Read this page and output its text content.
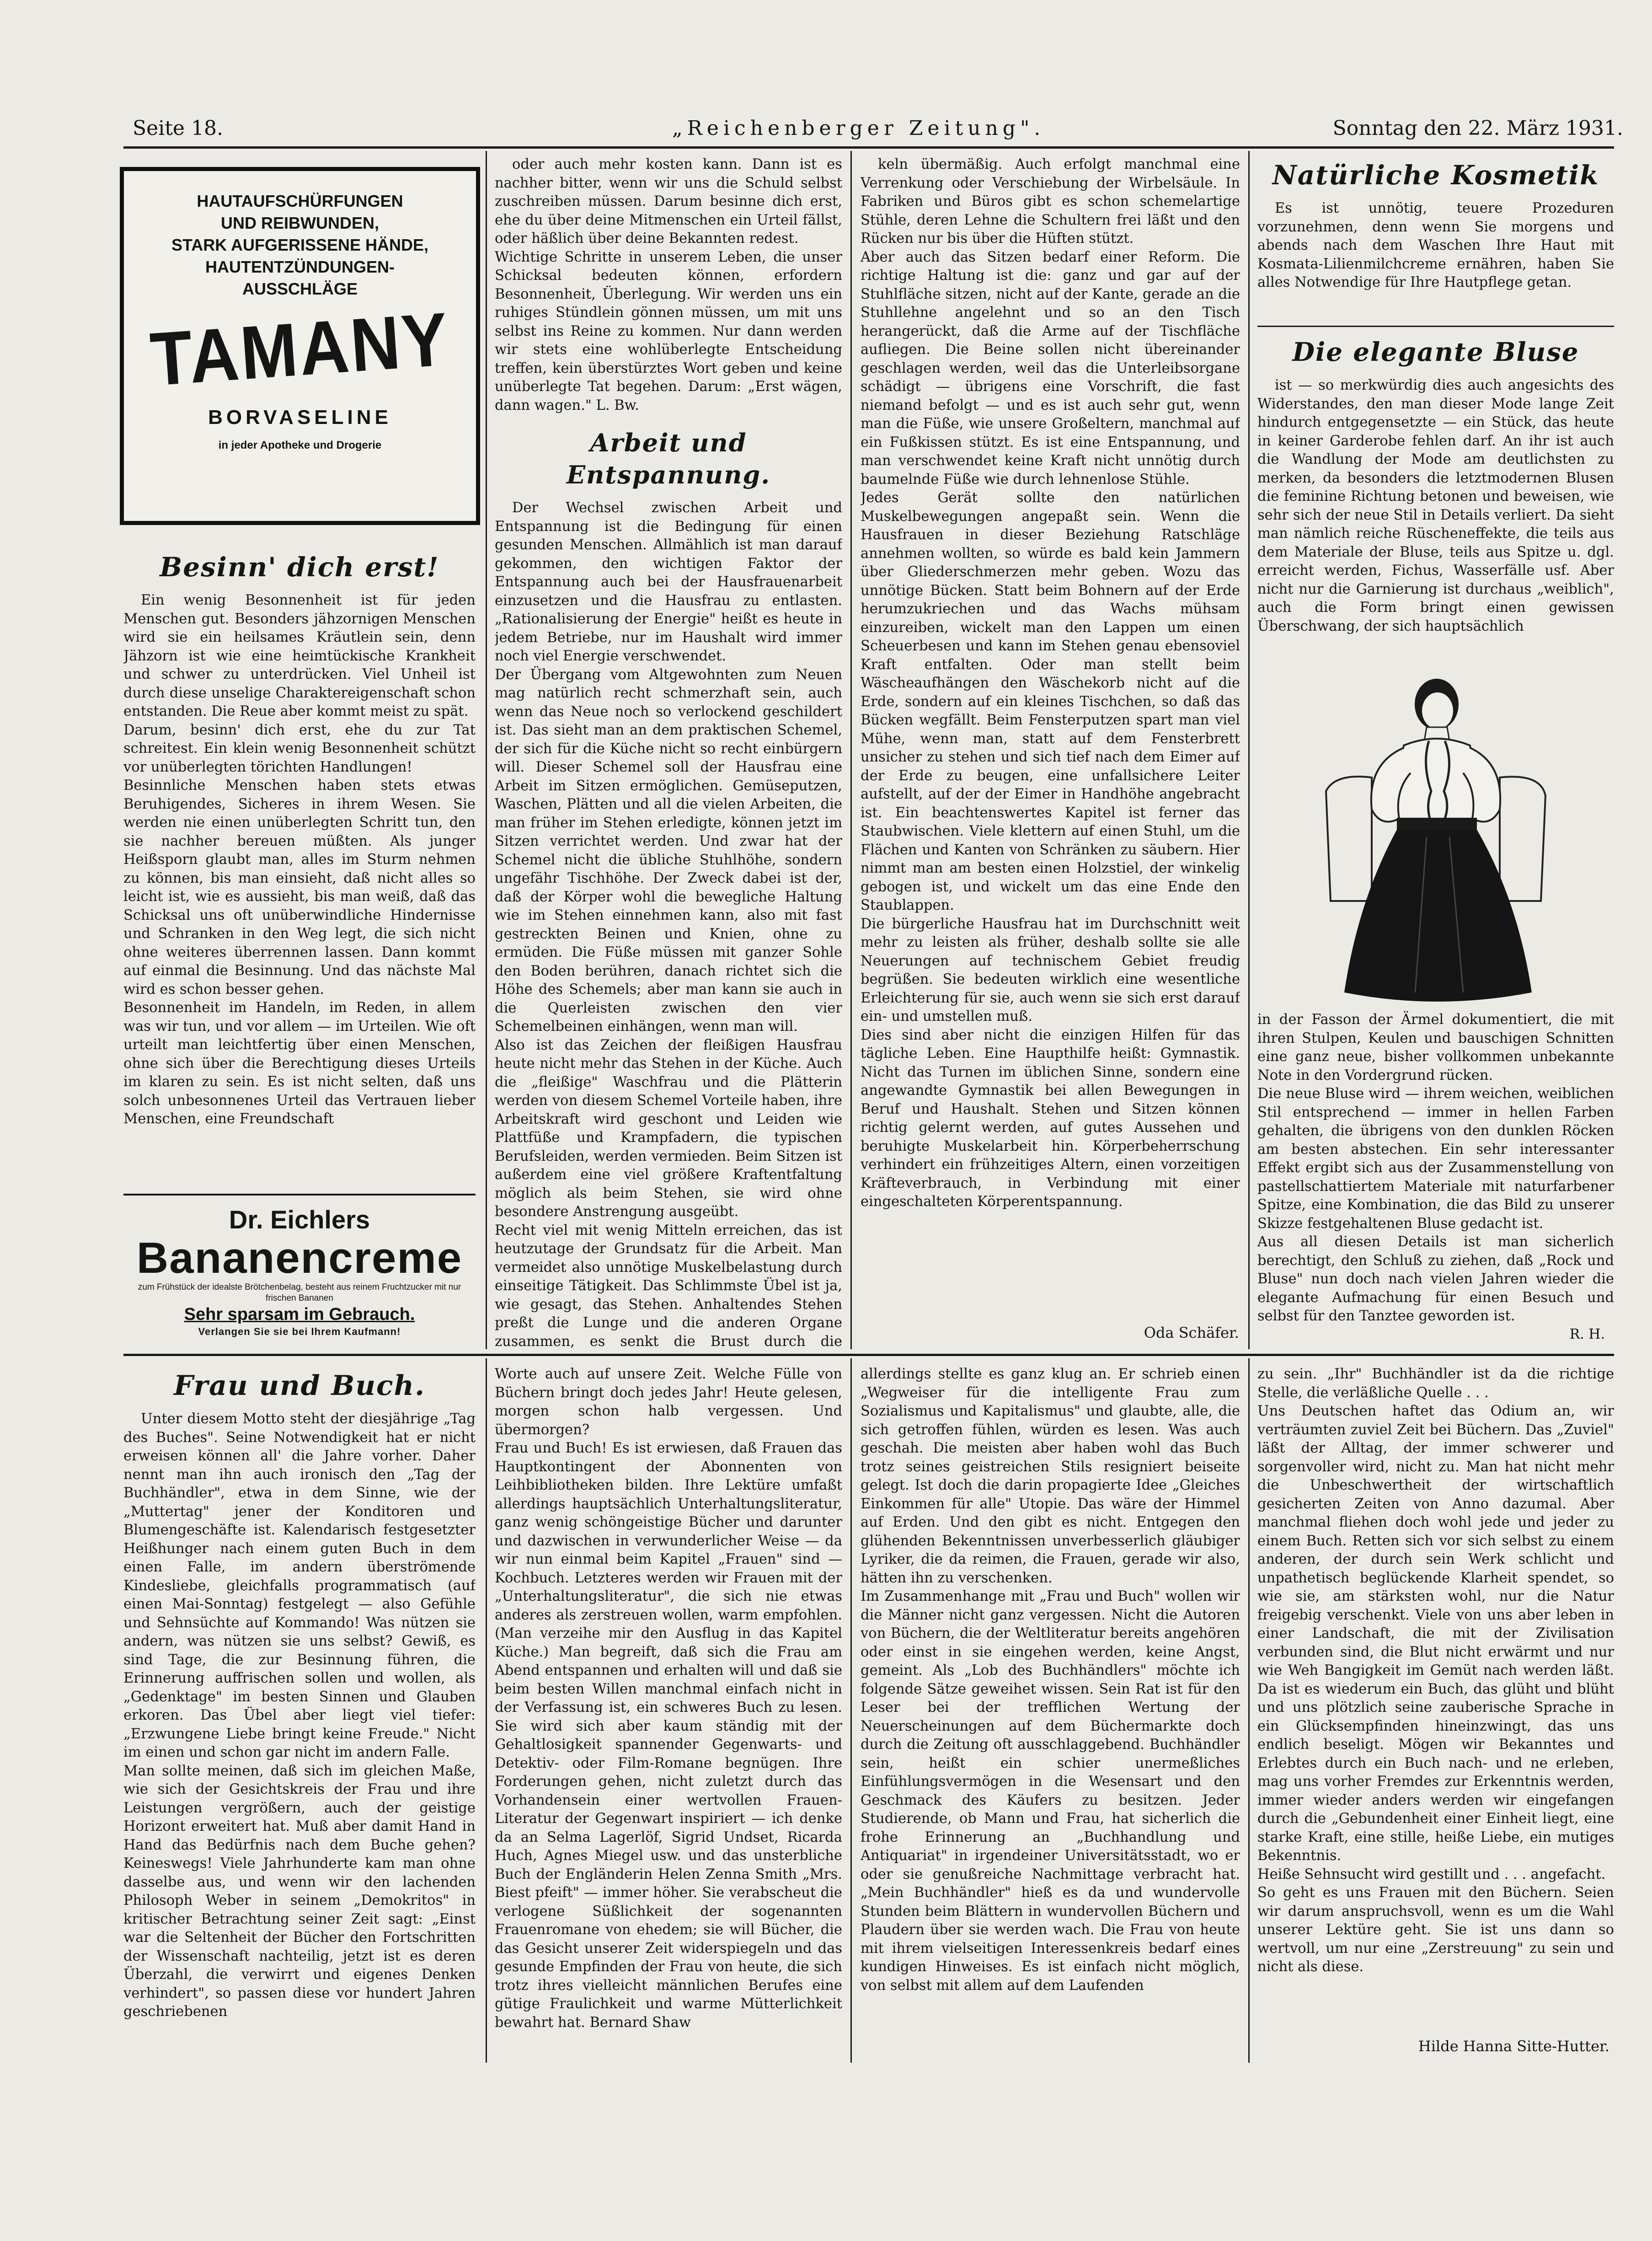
Seite 18.	„Reichenberger Zeitung".	Sonntag den 22. März 1931.
HAUTAUFSCHÜRFUNGEN
UND REIBWUNDEN,
STARK AUFGERISSENE HÄNDE,
HAUTENTZÜNDUNGEN-
AUSSCHLÄGE
TAMANY
BORVASELINE
in jeder Apotheke und Drogerie
Besinn' dich erst!

Ein wenig Besonnenheit ist für jeden Menschen gut. Besonders jähzornigen Menschen wird sie ein heilsames Kräutlein sein, denn Jähzorn ist wie eine heimtückische Krankheit und schwer zu unterdrücken. Viel Unheil ist durch diese unselige Charaktereigenschaft schon entstanden. Die Reue aber kommt meist zu spät.
Darum, besinn' dich erst, ehe du zur Tat schreitest. Ein klein wenig Besonnenheit schützt vor unüberlegten törichten Handlungen!
Besinnliche Menschen haben stets etwas Beruhigendes, Sicheres in ihrem Wesen. Sie werden nie einen unüberlegten Schritt tun, den sie nachher bereuen müßten. Als junger Heißsporn glaubt man, alles im Sturm nehmen zu können, bis man einsieht, daß nicht alles so leicht ist, wie es aussieht, bis man weiß, daß das Schicksal uns oft unüberwindliche Hindernisse und Schranken in den Weg legt, die sich nicht ohne weiteres überrennen lassen. Dann kommt auf einmal die Besinnung. Und das nächste Mal wird es schon besser gehen.
Besonnenheit im Handeln, im Reden, in allem was wir tun, und vor allem — im Urteilen. Wie oft urteilt man leichtfertig über einen Menschen, ohne sich über die Berechtigung dieses Urteils im klaren zu sein. Es ist nicht selten, daß uns solch unbesonnenes Urteil das Vertrauen lieber Menschen, eine Freundschaft

Dr. Eichlers
Bananencreme
zum Frühstück der idealste Brötchenbelag, besteht aus reinem Fruchtzucker mit nur frischen Bananen
Sehr sparsam im Gebrauch.
Verlangen Sie sie bei Ihrem Kaufmann!

oder auch mehr kosten kann. Dann ist es nachher bitter, wenn wir uns die Schuld selbst zuschreiben müssen. Darum besinne dich erst, ehe du über deine Mitmenschen ein Urteil fällst, oder häßlich über deine Bekannten redest.
Wichtige Schritte in unserem Leben, die unser Schicksal bedeuten können, erfordern Besonnenheit, Überlegung. Wir werden uns ein ruhiges Stündlein gönnen müssen, um mit uns selbst ins Reine zu kommen. Nur dann werden wir stets eine wohlüberlegte Entscheidung treffen, kein überstürztes Wort geben und keine unüberlegte Tat begehen. Darum: „Erst wägen, dann wagen." L. Bw.

Arbeit und Entspannung.

Der Wechsel zwischen Arbeit und Entspannung ist die Bedingung für einen gesunden Menschen. Allmählich ist man darauf gekommen, den wichtigen Faktor der Entspannung auch bei der Hausfrauenarbeit einzusetzen und die Hausfrau zu entlasten. „Rationalisierung der Energie" heißt es heute in jedem Betriebe, nur im Haushalt wird immer noch viel Energie verschwendet.
Der Übergang vom Altgewohnten zum Neuen mag natürlich recht schmerzhaft sein, auch wenn das Neue noch so verlockend geschildert ist. Das sieht man an dem praktischen Schemel, der sich für die Küche nicht so recht einbürgern will. Dieser Schemel soll der Hausfrau eine Arbeit im Sitzen ermöglichen. Gemüseputzen, Waschen, Plätten und all die vielen Arbeiten, die man früher im Stehen erledigte, können jetzt im Sitzen verrichtet werden. Und zwar hat der Schemel nicht die übliche Stuhlhöhe, sondern ungefähr Tischhöhe. Der Zweck dabei ist der, daß der Körper wohl die bewegliche Haltung wie im Stehen einnehmen kann, also mit fast gestreckten Beinen und Knien, ohne zu ermüden. Die Füße müssen mit ganzer Sohle den Boden berühren, danach richtet sich die Höhe des Schemels; aber man kann sie auch in die Querleisten zwischen den vier Schemelbeinen einhängen, wenn man will.
Also ist das Zeichen der fleißigen Hausfrau heute nicht mehr das Stehen in der Küche. Auch die „fleißige" Waschfrau und die Plätterin werden von diesem Schemel Vorteile haben, ihre Arbeitskraft wird geschont und Leiden wie Plattfüße und Krampfadern, die typischen Berufsleiden, werden vermieden. Beim Sitzen ist außerdem eine viel größere Kraftentfaltung möglich als beim Stehen, sie wird ohne besondere Anstrengung ausgeübt.
Recht viel mit wenig Mitteln erreichen, das ist heutzutage der Grundsatz für die Arbeit. Man vermeidet also unnötige Muskelbelastung durch einseitige Tätigkeit. Das Schlimmste Übel ist ja, wie gesagt, das Stehen. Anhaltendes Stehen preßt die Lunge und die anderen Organe zusammen, es senkt die Brust durch die

keln übermäßig. Auch erfolgt manchmal eine Verrenkung oder Verschiebung der Wirbelsäule. In Fabriken und Büros gibt es schon schemelartige Stühle, deren Lehne die Schultern frei läßt und den Rücken nur bis über die Hüften stützt.
Aber auch das Sitzen bedarf einer Reform. Die richtige Haltung ist die: ganz und gar auf der Stuhlfläche sitzen, nicht auf der Kante, gerade an die Stuhllehne angelehnt und so an den Tisch herangerückt, daß die Arme auf der Tischfläche aufliegen. Die Beine sollen nicht übereinander geschlagen werden, weil das die Unterleibsorgane schädigt — übrigens eine Vorschrift, die fast niemand befolgt — und es ist auch sehr gut, wenn man die Füße, wie unsere Großeltern, manchmal auf ein Fußkissen stützt. Es ist eine Entspannung, und man verschwendet keine Kraft nicht unnötig durch baumelnde Füße wie durch lehnenlose Stühle.
Jedes Gerät sollte den natürlichen Muskelbewegungen angepaßt sein. Wenn die Hausfrauen in dieser Beziehung Ratschläge annehmen wollten, so würde es bald kein Jammern über Gliederschmerzen mehr geben. Wozu das unnötige Bücken. Statt beim Bohnern auf der Erde herumzukriechen und das Wachs mühsam einzureiben, wickelt man den Lappen um einen Scheuerbesen und kann im Stehen genau ebensoviel Kraft entfalten. Oder man stellt beim Wäscheaufhängen den Wäschekorb nicht auf die Erde, sondern auf ein kleines Tischchen, so daß das Bücken wegfällt. Beim Fensterputzen spart man viel Mühe, wenn man, statt auf dem Fensterbrett unsicher zu stehen und sich tief nach dem Eimer auf der Erde zu beugen, eine unfallsichere Leiter aufstellt, auf der der Eimer in Handhöhe angebracht ist. Ein beachtenswertes Kapitel ist ferner das Staubwischen. Viele klettern auf einen Stuhl, um die Flächen und Kanten von Schränken zu säubern. Hier nimmt man am besten einen Holzstiel, der winkelig gebogen ist, und wickelt um das eine Ende den Staublappen.
Die bürgerliche Hausfrau hat im Durchschnitt weit mehr zu leisten als früher, deshalb sollte sie alle Neuerungen auf technischem Gebiet freudig begrüßen. Sie bedeuten wirklich eine wesentliche Erleichterung für sie, auch wenn sie sich erst darauf ein- und umstellen muß.
Dies sind aber nicht die einzigen Hilfen für das tägliche Leben. Eine Haupthilfe heißt: Gymnastik. Nicht das Turnen im üblichen Sinne, sondern eine angewandte Gymnastik bei allen Bewegungen in Beruf und Haushalt. Stehen und Sitzen können richtig gelernt werden, auf gutes Aussehen und beruhigte Muskelarbeit hin. Körperbeherrschung verhindert ein frühzeitiges Altern, einen vorzeitigen Kräfteverbrauch, in Verbindung mit einer eingeschalteten Körperentspannung.

Oda Schäfer.
Natürliche Kosmetik

Es ist unnötig, teuere Prozeduren vorzunehmen, denn wenn Sie morgens und abends nach dem Waschen Ihre Haut mit Kosmata-Lilienmilchcreme ernähren, haben Sie alles Notwendige für Ihre Hautpflege getan.

Die elegante Bluse

ist — so merkwürdig dies auch angesichts des Widerstandes, den man dieser Mode lange Zeit hindurch entgegensetzte — ein Stück, das heute in keiner Garderobe fehlen darf. An ihr ist auch die Wandlung der Mode am deutlichsten zu merken, da besonders die letztmodernen Blusen die feminine Richtung betonen und beweisen, wie sehr sich der neue Stil in Details verliert. Da sieht man nämlich reiche Rüscheneffekte, die teils aus dem Materiale der Bluse, teils aus Spitze u. dgl. erreicht werden, Fichus, Wasserfälle usf. Aber nicht nur die Garnierung ist durchaus „weiblich", auch die Form bringt einen gewissen Überschwang, der sich hauptsächlich

in der Fasson der Ärmel dokumentiert, die mit ihren Stulpen, Keulen und bauschigen Schnitten eine ganz neue, bisher vollkommen unbekannte Note in den Vordergrund rücken.
Die neue Bluse wird — ihrem weichen, weiblichen Stil entsprechend — immer in hellen Farben gehalten, die übrigens von den dunklen Röcken am besten abstechen. Ein sehr interessanter Effekt ergibt sich aus der Zusammenstellung von pastellschattiertem Materiale mit naturfarbener Spitze, eine Kombination, die das Bild zu unserer Skizze festgehaltenen Bluse gedacht ist.
Aus all diesen Details ist man sicherlich berechtigt, den Schluß zu ziehen, daß „Rock und Bluse" nun doch nach vielen Jahren wieder die elegante Aufmachung für einen Besuch und selbst für den Tanztee geworden ist.

R. H.
Frau und Buch.

Unter diesem Motto steht der diesjährige „Tag des Buches". Seine Notwendigkeit hat er nicht erweisen können all' die Jahre vorher. Daher nennt man ihn auch ironisch den „Tag der Buchhändler", etwa in dem Sinne, wie der „Muttertag" jener der Konditoren und Blumengeschäfte ist. Kalendarisch festgesetzter Heißhunger nach einem guten Buch in dem einen Falle, im andern überströmende Kindesliebe, gleichfalls programmatisch (auf einen Mai-Sonntag) festgelegt — also Gefühle und Sehnsüchte auf Kommando! Was nützen sie andern, was nützen sie uns selbst? Gewiß, es sind Tage, die zur Besinnung führen, die Erinnerung auffrischen sollen und wollen, als „Gedenktage" im besten Sinnen und Glauben erkoren. Das Übel aber liegt viel tiefer: „Erzwungene Liebe bringt keine Freude." Nicht im einen und schon gar nicht im andern Falle.
Man sollte meinen, daß sich im gleichen Maße, wie sich der Gesichtskreis der Frau und ihre Leistungen vergrößern, auch der geistige Horizont erweitert hat. Muß aber damit Hand in Hand das Bedürfnis nach dem Buche gehen? Keineswegs! Viele Jahrhunderte kam man ohne dasselbe aus, und wenn wir den lachenden Philosoph Weber in seinem „Demokritos" in kritischer Betrachtung seiner Zeit sagt: „Einst war die Seltenheit der Bücher den Fortschritten der Wissenschaft nachteilig, jetzt ist es deren Überzahl, die verwirrt und eigenes Denken verhindert", so passen diese vor hundert Jahren geschriebenen

Worte auch auf unsere Zeit. Welche Fülle von Büchern bringt doch jedes Jahr! Heute gelesen, morgen schon halb vergessen. Und übermorgen?
Frau und Buch! Es ist erwiesen, daß Frauen das Hauptkontingent der Abonnenten von Leihbibliotheken bilden. Ihre Lektüre umfaßt allerdings hauptsächlich Unterhaltungsliteratur, ganz wenig schöngeistige Bücher und darunter und dazwischen in verwunderlicher Weise — da wir nun einmal beim Kapitel „Frauen" sind — Kochbuch. Letzteres werden wir Frauen mit der „Unterhaltungsliteratur", die sich nie etwas anderes als zerstreuen wollen, warm empfohlen. (Man verzeihe mir den Ausflug in das Kapitel Küche.) Man begreift, daß sich die Frau am Abend entspannen und erhalten will und daß sie beim besten Willen manchmal einfach nicht in der Verfassung ist, ein schweres Buch zu lesen. Sie wird sich aber kaum ständig mit der Gehaltlosigkeit spannender Gegenwarts- und Detektiv- oder Film-Romane begnügen. Ihre Forderungen gehen, nicht zuletzt durch das Vorhandensein einer wertvollen Frauen-Literatur der Gegenwart inspiriert — ich denke da an Selma Lagerlöf, Sigrid Undset, Ricarda Huch, Agnes Miegel usw. und das unsterbliche Buch der Engländerin Helen Zenna Smith „Mrs. Biest pfeift" — immer höher. Sie verabscheut die verlogene Süßlichkeit der sogenannten Frauenromane von ehedem; sie will Bücher, die das Gesicht unserer Zeit widerspiegeln und das gesunde Empfinden der Frau von heute, die sich trotz ihres vielleicht männlichen Berufes eine gütige Fraulichkeit und warme Mütterlichkeit bewahrt hat. Bernard Shaw

allerdings stellte es ganz klug an. Er schrieb einen „Wegweiser für die intelligente Frau zum Sozialismus und Kapitalismus" und glaubte, alle, die sich getroffen fühlen, würden es lesen. Was auch geschah. Die meisten aber haben wohl das Buch trotz seines geistreichen Stils resigniert beiseite gelegt. Ist doch die darin propagierte Idee „Gleiches Einkommen für alle" Utopie. Das wäre der Himmel auf Erden. Und den gibt es nicht. Entgegen den glühenden Bekenntnissen unverbesserlich gläubiger Lyriker, die da reimen, die Frauen, gerade wir also, hätten ihn zu verschenken.
Im Zusammenhange mit „Frau und Buch" wollen wir die Männer nicht ganz vergessen. Nicht die Autoren von Büchern, die der Weltliteratur bereits angehören oder einst in sie eingehen werden, keine Angst, gemeint. Als „Lob des Buchhändlers" möchte ich folgende Sätze geweihet wissen. Sein Rat ist für den Leser bei der trefflichen Wertung der Neuerscheinungen auf dem Büchermarkte doch durch die Zeitung oft ausschlaggebend. Buchhändler sein, heißt ein schier unermeßliches Einfühlungsvermögen in die Wesensart und den Geschmack des Käufers zu besitzen. Jeder Studierende, ob Mann und Frau, hat sicherlich die frohe Erinnerung an „Buchhandlung und Antiquariat" in irgendeiner Universitätsstadt, wo er oder sie genußreiche Nachmittage verbracht hat. „Mein Buchhändler" hieß es da und wundervolle Stunden beim Blättern in wundervollen Büchern und Plaudern über sie werden wach. Die Frau von heute mit ihrem vielseitigen Interessenkreis bedarf eines kundigen Hinweises. Es ist einfach nicht möglich, von selbst mit allem auf dem Laufenden

zu sein. „Ihr" Buchhändler ist da die richtige Stelle, die verläßliche Quelle . . .
Uns Deutschen haftet das Odium an, wir verträumten zuviel Zeit bei Büchern. Das „Zuviel" läßt der Alltag, der immer schwerer und sorgenvoller wird, nicht zu. Man hat nicht mehr die Unbeschwertheit der wirtschaftlich gesicherten Zeiten von Anno dazumal. Aber manchmal fliehen doch wohl jede und jeder zu einem Buch. Retten sich vor sich selbst zu einem anderen, der durch sein Werk schlicht und unpathetisch beglückende Klarheit spendet, so wie sie, am stärksten wohl, nur die Natur freigebig verschenkt. Viele von uns aber leben in einer Landschaft, die mit der Zivilisation verbunden sind, die Blut nicht erwärmt und nur wie Weh Bangigkeit im Gemüt nach werden läßt. Da ist es wiederum ein Buch, das glüht und blüht und uns plötzlich seine zauberische Sprache in ein Glücksempfinden hineinzwingt, das uns endlich beseligt. Mögen wir Bekanntes und Erlebtes durch ein Buch nach- und ne erleben, mag uns vorher Fremdes zur Erkenntnis werden, immer wieder anders werden wir eingefangen durch die „Gebundenheit einer Einheit liegt, eine starke Kraft, eine stille, heiße Liebe, ein mutiges Bekenntnis.
Heiße Sehnsucht wird gestillt und . . . angefacht.
So geht es uns Frauen mit den Büchern. Seien wir darum anspruchsvoll, wenn es um die Wahl unserer Lektüre geht. Sie ist uns dann so wertvoll, um nur eine „Zerstreuung" zu sein und nicht als diese.

Hilde Hanna Sitte-Hutter.
